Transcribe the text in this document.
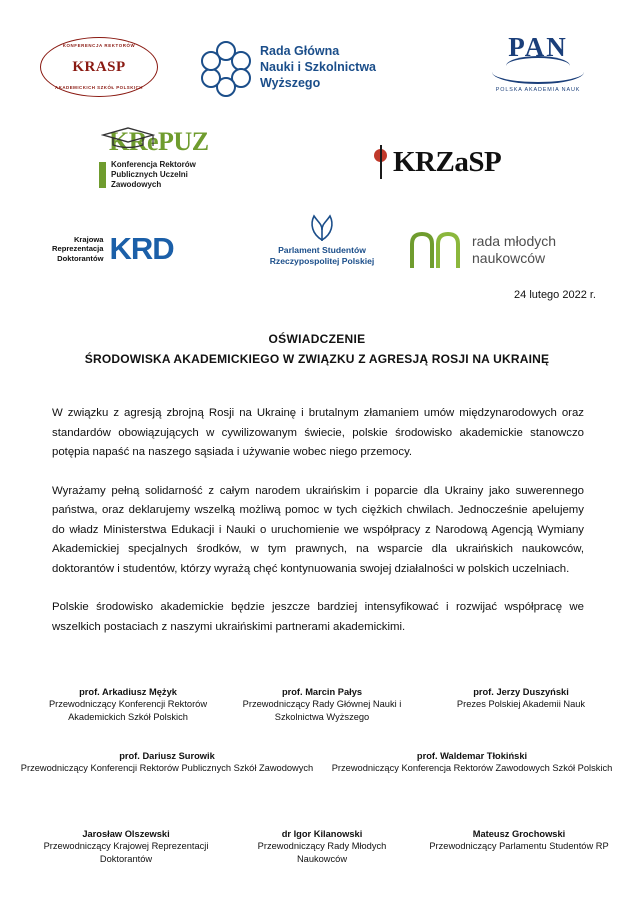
KONFERENCJA REKTORÓW
KRASP
AKADEMICKICH SZKÓŁ POLSKICH
Rada Główna
Nauki i Szkolnictwa Wyższego
PAN
POLSKA AKADEMIA NAUK
KRePUZ
Konferencja Rektorów
Publicznych Uczelni
Zawodowych
KRZaSP
Krajowa
Reprezentacja
Doktorantów KRD	Parlament Studentów
Rzeczypospolitej Polskiej
rada młodych
naukowców
24 lutego 2022 r.
OŚWIADCZENIE
ŚRODOWISKA AKADEMICKIEGO W ZWIĄZKU Z AGRESJĄ ROSJI NA UKRAINĘ

W związku z agresją zbrojną Rosji na Ukrainę i brutalnym złamaniem umów międzynarodowych oraz standardów obowiązujących w cywilizowanym świecie, polskie środowisko akademickie stanowczo potępia napaść na naszego sąsiada i używanie wobec niego przemocy.

Wyrażamy pełną solidarność z całym narodem ukraińskim i poparcie dla Ukrainy jako suwerennego państwa, oraz deklarujemy wszelką możliwą pomoc w tych ciężkich chwilach. Jednocześnie apelujemy do władz Ministerstwa Edukacji i Nauki o uruchomienie we współpracy z Narodową Agencją Wymiany Akademickiej specjalnych środków, w tym prawnych, na wsparcie dla ukraińskich naukowców, doktorantów i studentów, którzy wyrażą chęć kontynuowania swojej działalności w polskich uczelniach.

Polskie środowisko akademickie będzie jeszcze bardziej intensyfikować i rozwijać współpracę we wszelkich postaciach z naszymi ukraińskimi partnerami akademickimi.

prof. Arkadiusz Mężyk
Przewodniczący Konferencji Rektorów Akademickich Szkół Polskich
prof. Marcin Pałys
Przewodniczący Rady Głównej Nauki i Szkolnictwa Wyższego
prof. Jerzy Duszyński
Prezes Polskiej Akademii Nauk
prof. Dariusz Surowik
Przewodniczący Konferencji Rektorów Publicznych Szkół Zawodowych
prof. Waldemar Tłokiński
Przewodniczący Konferencja Rektorów Zawodowych Szkół Polskich
Jarosław Olszewski
Przewodniczący Krajowej Reprezentacji Doktorantów
dr Igor Kilanowski
Przewodniczący Rady Młodych Naukowców
Mateusz Grochowski
Przewodniczący Parlamentu Studentów RP
